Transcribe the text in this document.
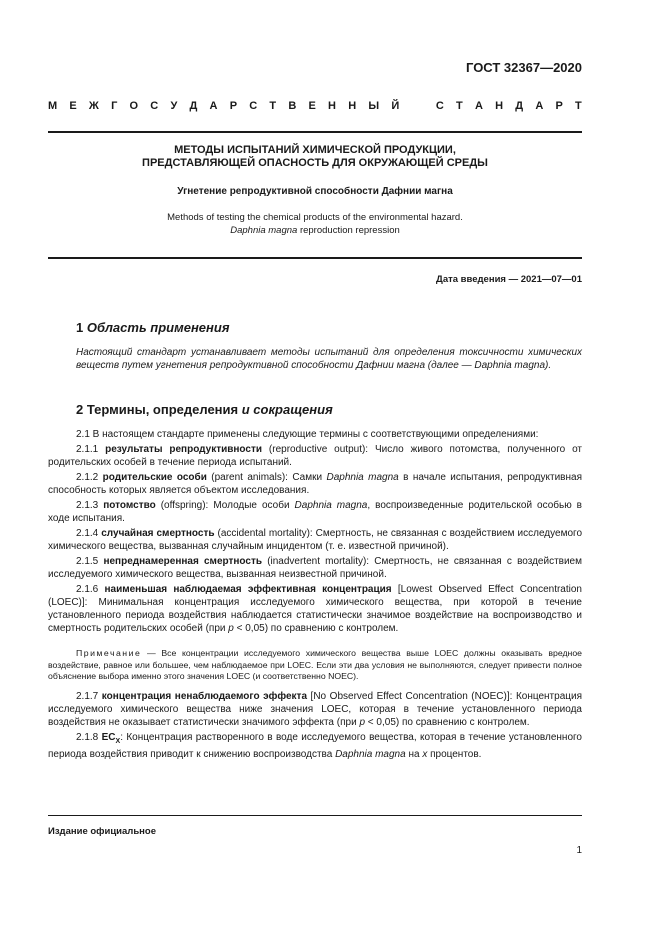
ГОСТ 32367—2020
М Е Ж Г О С У Д А Р С Т В Е Н Н Ы Й	С Т А Н Д А Р Т
МЕТОДЫ ИСПЫТАНИЙ ХИМИЧЕСКОЙ ПРОДУКЦИИ,
ПРЕДСТАВЛЯЮЩЕЙ ОПАСНОСТЬ ДЛЯ ОКРУЖАЮЩЕЙ СРЕДЫ
Угнетение репродуктивной способности Дафнии магна
Methods of testing the chemical products of the environmental hazard.
Daphnia magna reproduction repression
Дата введения — 2021—07—01
1 Область применения
Настоящий стандарт устанавливает методы испытаний для определения токсичности химических веществ путем угнетения репродуктивной способности Дафнии магна (далее — Daphnia magna).
2 Термины, определения и сокращения

2.1 В настоящем стандарте применены следующие термины с соответствующими определениями:

2.1.1 результаты репродуктивности (reproductive output): Число живого потомства, полученного от родительских особей в течение периода испытаний.

2.1.2 родительские особи (parent animals): Самки Daphnia magna в начале испытания, репродуктивная способность которых является объектом исследования.

2.1.3 потомство (offspring): Молодые особи Daphnia magna, воспроизведенные родительской особью в ходе испытания.

2.1.4 случайная смертность (accidental mortality): Смертность, не связанная с воздействием исследуемого химического вещества, вызванная случайным инцидентом (т. е. известной причиной).

2.1.5 непреднамеренная смертность (inadvertent mortality): Смертность, не связанная с воздействием исследуемого химического вещества, вызванная неизвестной причиной.

2.1.6 наименьшая наблюдаемая эффективная концентрация [Lowest Observed Effect Concentration (LOEC)]: Минимальная концентрация исследуемого химического вещества, при которой в течение установленного периода воздействия наблюдается статистически значимое воздействие на воспроизводство и смертность родительских особей (при p < 0,05) по сравнению с контролем.

Примечание — Все концентрации исследуемого химического вещества выше LOEC должны оказывать вредное воздействие, равное или большее, чем наблюдаемое при LOEC. Если эти два условия не выполняются, следует привести полное объяснение выбора именно этого значения LOEC (и соответственно NOEC).

2.1.7 концентрация ненаблюдаемого эффекта [No Observed Effect Concentration (NOEC)]: Концентрация исследуемого химического вещества ниже значения LOEC, которая в течение установленного периода воздействия не оказывает статистически значимого эффекта (при p < 0,05) по сравнению с контролем.

2.1.8 $EC_X$: Концентрация растворенного в воде исследуемого вещества, которая в течение установленного периода воздействия приводит к снижению воспроизводства Daphnia magna на x процентов.

Издание официальное
1
